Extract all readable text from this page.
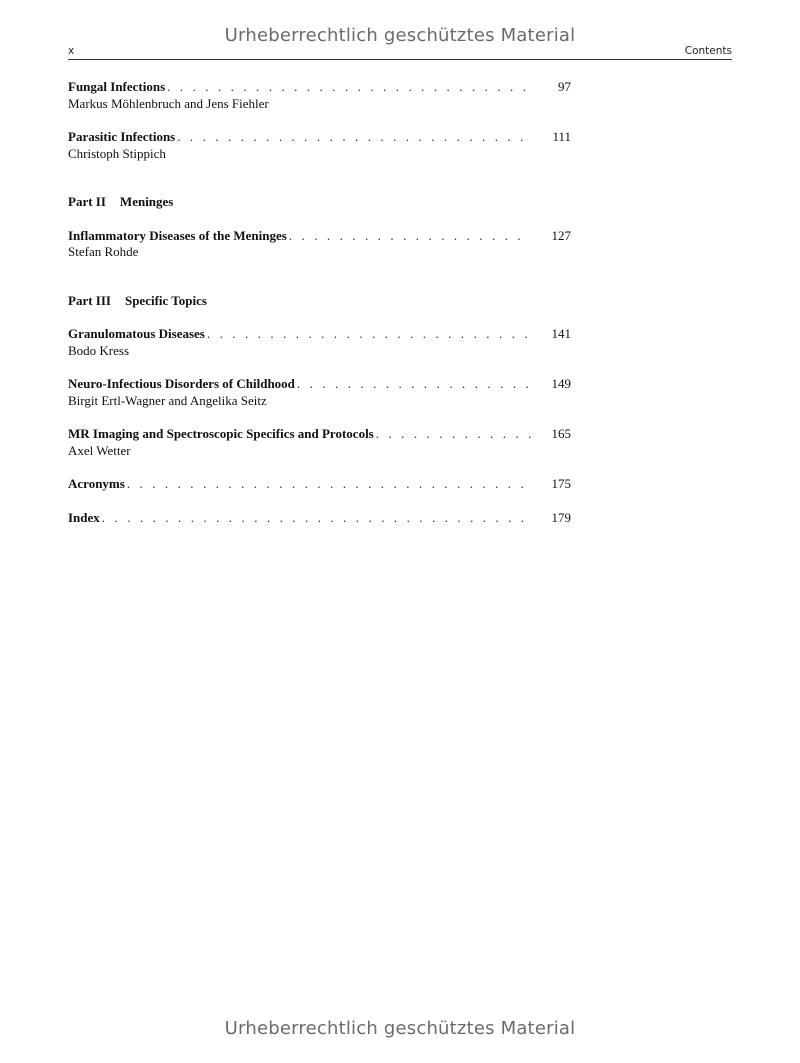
Urheberrechtlich geschütztes Material
x	Contents
Fungal Infections . . .	97
Markus Möhlenbruch and Jens Fiehler
Parasitic Infections . . .	111
Christoph Stippich
Part II Meninges
Inflammatory Diseases of the Meninges . . .	127
Stefan Rohde
Part III Specific Topics
Granulomatous Diseases . . .	141
Bodo Kress
Neuro-Infectious Disorders of Childhood . . .	149
Birgit Ertl-Wagner and Angelika Seitz
MR Imaging and Spectroscopic Specifics and Protocols . . .	165
Axel Wetter
Acronyms . . .	175
Index . . .	179
Urheberrechtlich geschütztes Material
